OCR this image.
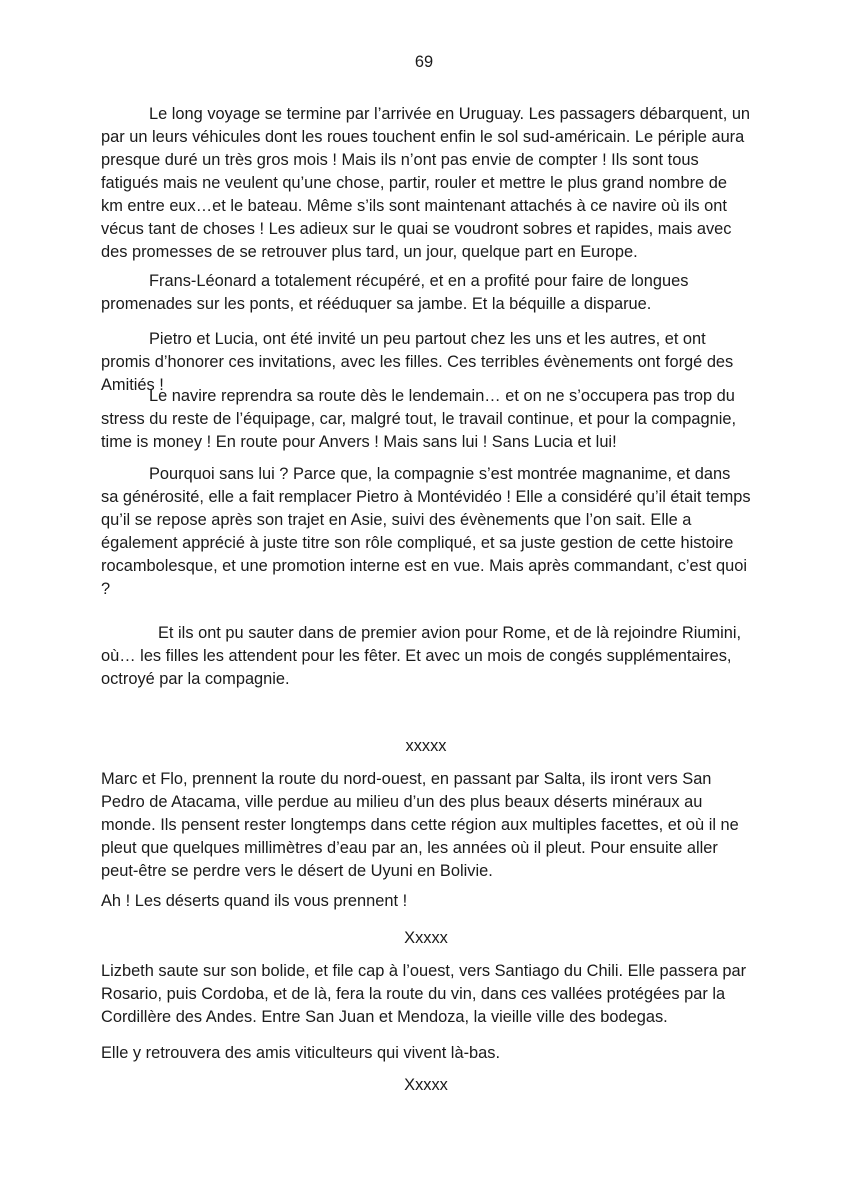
69

Le long voyage se termine par l’arrivée en Uruguay. Les passagers débarquent, un par un leurs véhicules dont les roues touchent enfin le sol sud-américain. Le périple aura presque duré un très gros mois ! Mais ils n’ont pas envie de compter ! Ils sont tous fatigués mais ne veulent qu’une chose, partir, rouler et mettre le plus grand nombre de km entre eux…et le bateau. Même s’ils sont maintenant attachés à ce navire où ils ont vécus tant de choses ! Les adieux sur le quai se voudront sobres et rapides, mais avec des promesses de se retrouver plus tard, un jour, quelque part en Europe.

Frans-Léonard a totalement récupéré, et en a profité pour faire de longues promenades sur les ponts, et rééduquer sa jambe. Et la béquille a disparue.

Pietro et Lucia, ont été invité un peu partout chez les uns et les autres, et ont promis d’honorer ces invitations, avec les filles. Ces terribles évènements ont forgé des Amitiés !

Le navire reprendra sa route dès le lendemain… et on ne s’occupera pas trop du stress du reste de l’équipage, car, malgré tout, le travail continue, et pour la compagnie, time is money ! En route pour Anvers ! Mais sans lui ! Sans Lucia et lui!

Pourquoi sans lui ? Parce que, la compagnie s’est montrée magnanime, et dans sa générosité, elle a fait remplacer Pietro à Montévidéo ! Elle a considéré qu’il était temps qu’il se repose après son trajet en Asie, suivi des évènements que l’on sait. Elle a également apprécié à juste titre son rôle compliqué, et sa juste gestion de cette histoire rocambolesque, et une promotion interne est en vue. Mais après commandant, c’est quoi ?

Et ils ont pu sauter dans de premier avion pour Rome, et de là rejoindre Riumini, où… les filles les attendent pour les fêter. Et avec un mois de congés supplémentaires, octroyé par la compagnie.

xxxxx

Marc et Flo, prennent la route du nord-ouest, en passant par Salta, ils iront vers San Pedro de Atacama, ville perdue au milieu d’un des plus beaux déserts minéraux au monde. Ils pensent rester longtemps dans cette région aux multiples facettes, et où il ne pleut que quelques millimètres d’eau par an, les années où il pleut. Pour ensuite aller peut-être se perdre vers le désert de Uyuni en Bolivie.

Ah ! Les déserts quand ils vous prennent !

Xxxxx

Lizbeth saute sur son bolide, et file cap à l’ouest, vers Santiago du Chili. Elle passera par Rosario, puis Cordoba, et de là, fera la route du vin, dans ces vallées protégées par la Cordillère des Andes. Entre San Juan et Mendoza, la vieille ville des bodegas.

Elle y retrouvera des amis viticulteurs qui vivent là-bas.

Xxxxx
